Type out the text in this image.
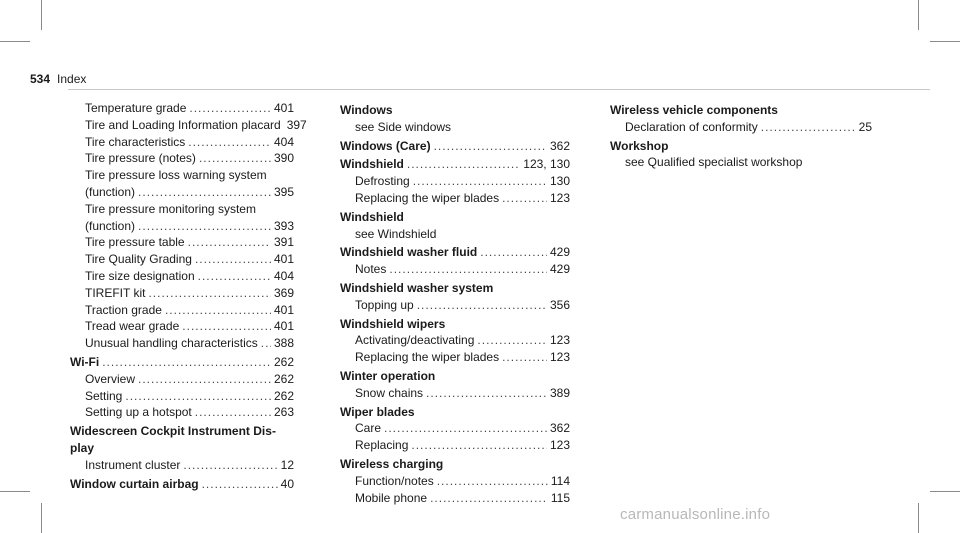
534 Index
Temperature grade .....	401
Tire and Loading Information placard 397
Tire characteristics .....	404
Tire pressure (notes) .....	390
Tire pressure loss warning system
(function) .....	395
Tire pressure monitoring system
(function) .....	393
Tire pressure table .....	391
Tire Quality Grading .....	401
Tire size designation .....	404
TIREFIT kit .....	369
Traction grade .....	401
Tread wear grade .....	401
Unusual handling characteristics ..... 388
Wi-Fi .....	262
Overview .....	262
Setting .....	262
Setting up a hotspot .....	263
Widescreen Cockpit Instrument Dis-
play
Instrument cluster .....	12
Window curtain airbag .....	40
Windows
see Side windows
Windows (Care) .....	362
Windshield .....	123, 130
Defrosting .....	130
Replacing the wiper blades .....	123
Windshield
see Windshield
Windshield washer fluid .....	429
Notes .....	429
Windshield washer system
Topping up .....	356
Windshield wipers
Activating/deactivating .....	123
Replacing the wiper blades .....	123
Winter operation
Snow chains .....	389
Wiper blades
Care .....	362
Replacing .....	123
Wireless charging
Function/notes .....	114
Mobile phone .....	115
Wireless vehicle components
Declaration of conformity .....	25
Workshop
see Qualified specialist workshop
carmanualsonline.info
